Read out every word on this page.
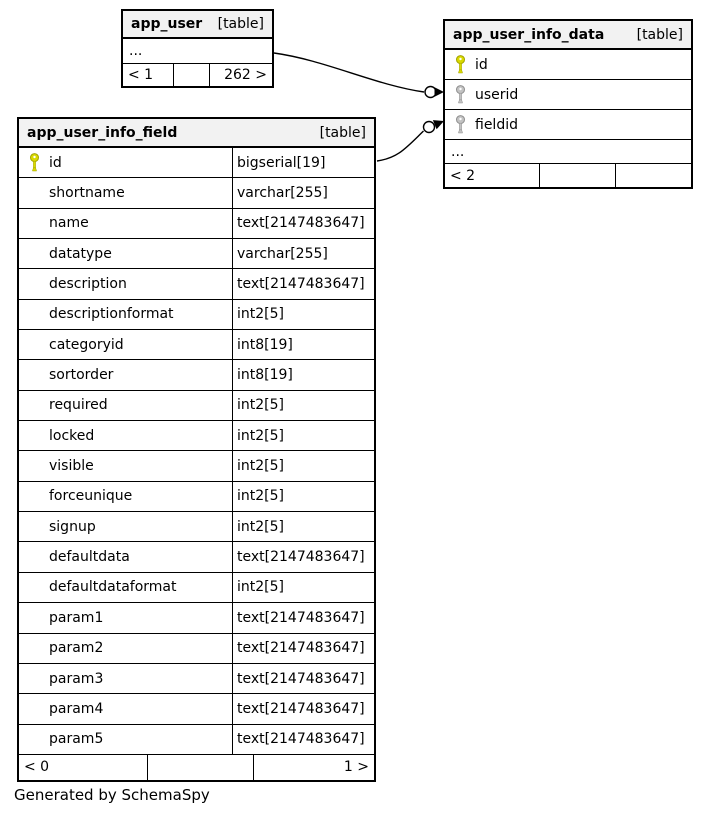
app_user [table]
...
< 1	262 >
app_user_info_data [table]
id
userid
fieldid
...
< 2
app_user_info_field	[table]
id	bigserial[19]
shortname	varchar[255]
name	text[2147483647]
datatype	varchar[255]
description	text[2147483647]
descriptionformat	int2[5]
categoryid	int8[19]
sortorder	int8[19]
required	int2[5]
locked	int2[5]
visible	int2[5]
forceunique	int2[5]
signup	int2[5]
defaultdata	text[2147483647]
defaultdataformat	int2[5]
param1	text[2147483647]
param2	text[2147483647]
param3	text[2147483647]
param4	text[2147483647]
param5	text[2147483647]
< 0	1 >
Generated by SchemaSpy
